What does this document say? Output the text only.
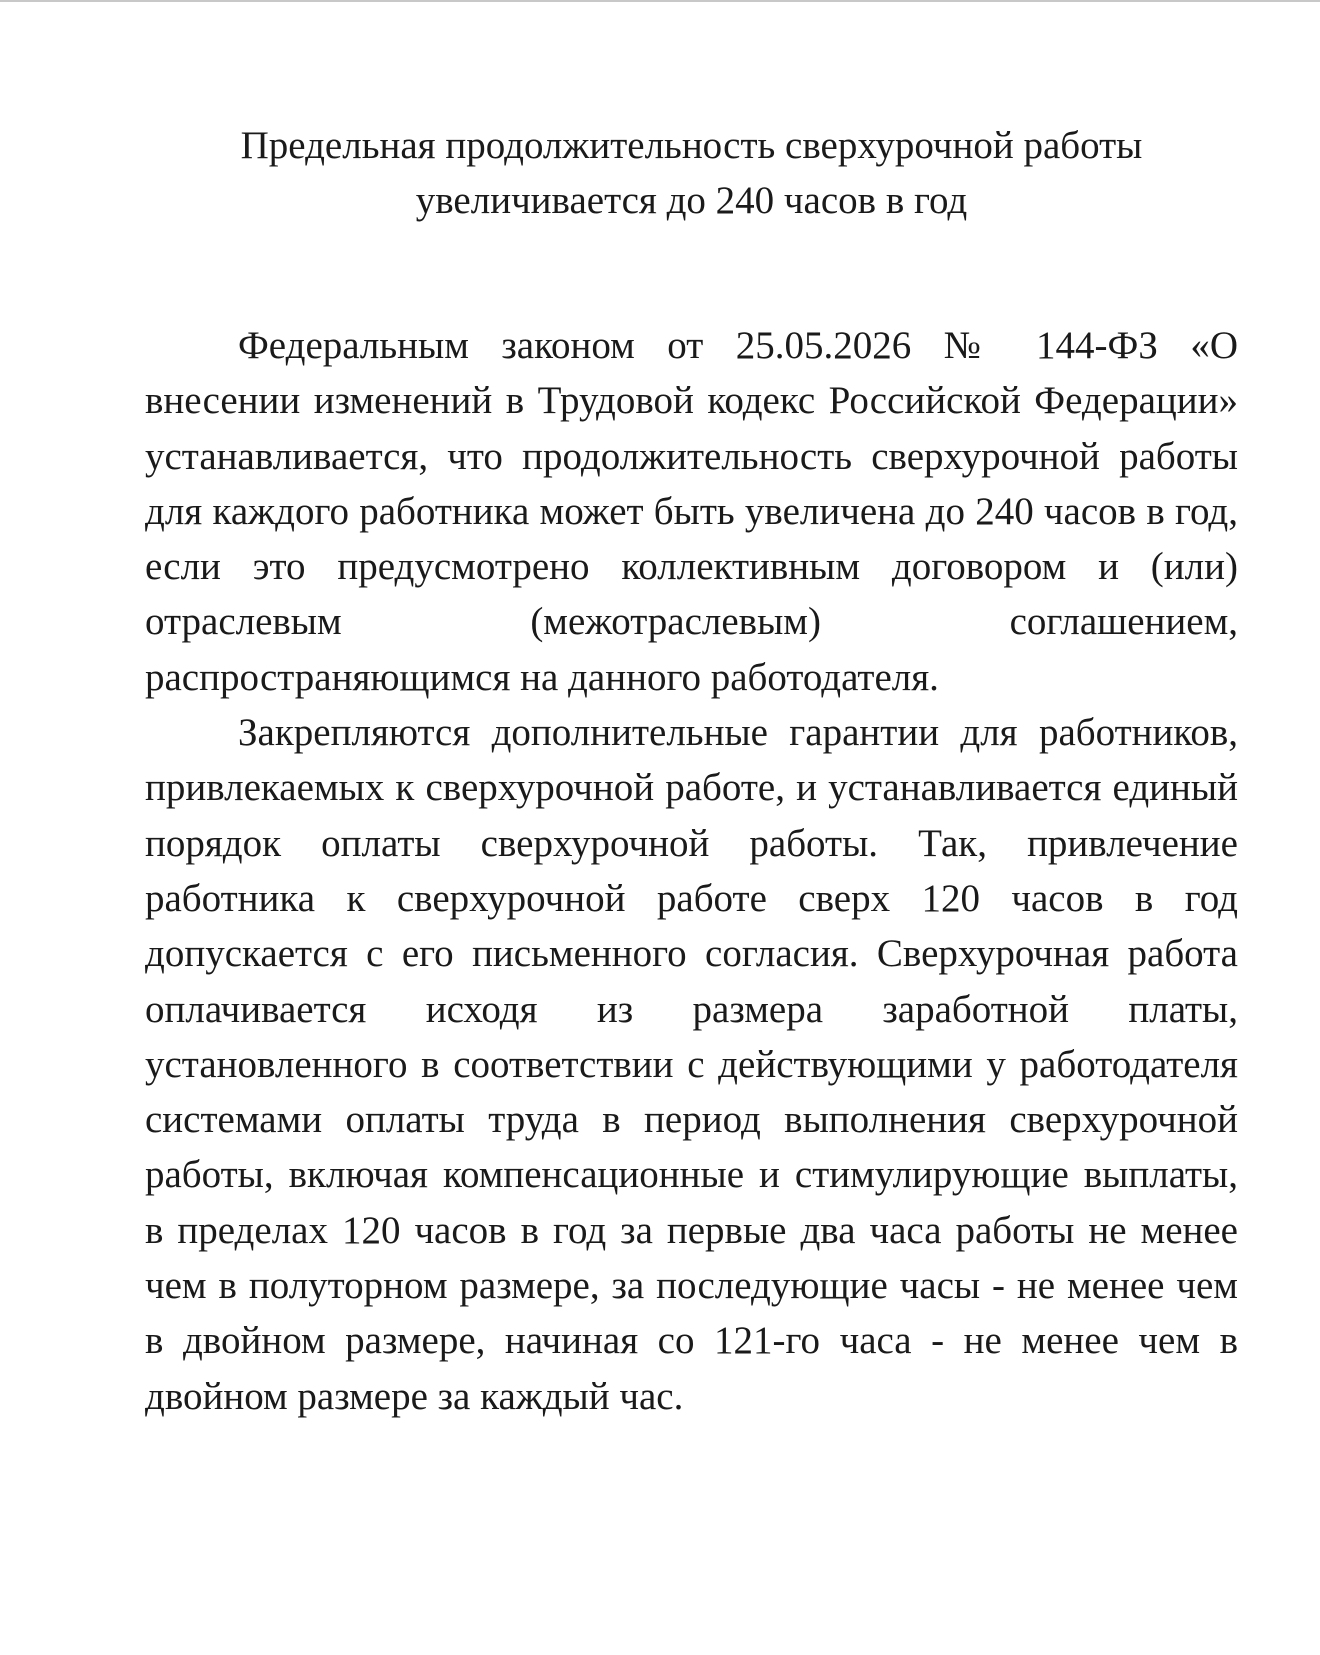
Предельная продолжительность сверхурочной работы
увеличивается до 240 часов в год

Федеральным законом от 25.05.2026 № 144-ФЗ «О внесении изменений в Трудовой кодекс Российской Федерации» устанавливается, что продолжительность сверхурочной работы для каждого работника может быть увеличена до 240 часов в год, если это предусмотрено коллективным договором и (или) отраслевым (межотраслевым) соглашением, распространяющимся на данного работодателя.

Закрепляются дополнительные гарантии для работников, привлекаемых к сверхурочной работе, и устанавливается единый порядок оплаты сверхурочной работы. Так, привлечение работника к сверхурочной работе сверх 120 часов в год допускается с его письменного согласия. Сверхурочная работа оплачивается исходя из размера заработной платы, установленного в соответствии с действующими у работодателя системами оплаты труда в период выполнения сверхурочной работы, включая компенсационные и стимулирующие выплаты, в пределах 120 часов в год за первые два часа работы не менее чем в полуторном размере, за последующие часы - не менее чем в двойном размере, начиная со 121-го часа - не менее чем в двойном размере за каждый час.
